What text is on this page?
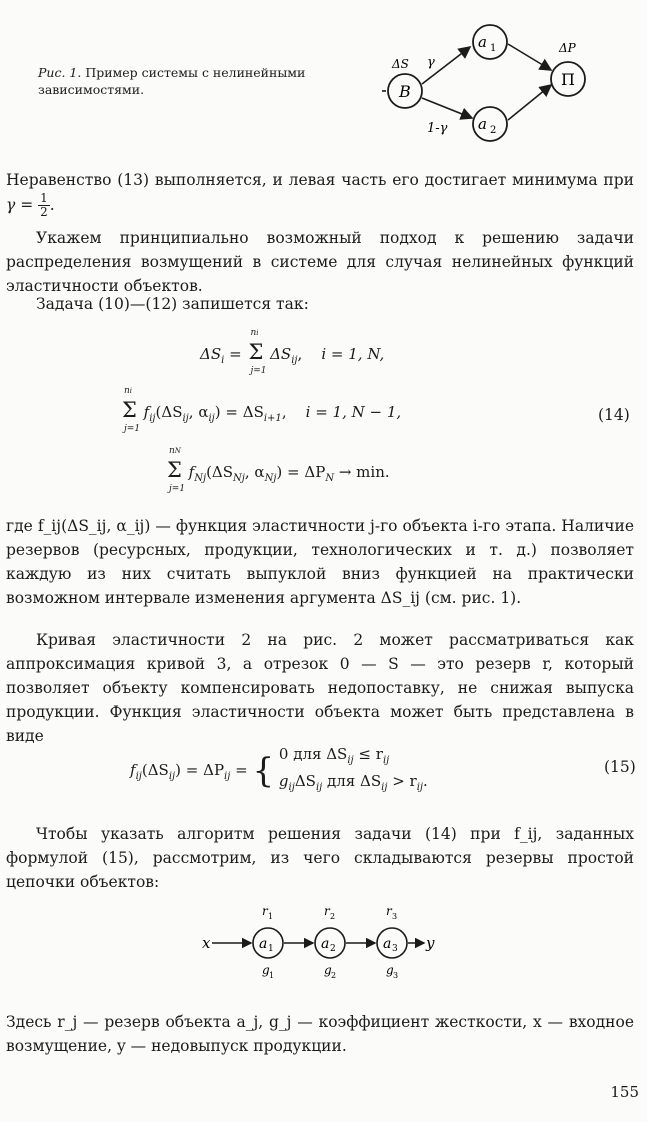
Рис. 1. Пример системы с нелинейными зависимостями.	B
a 1
a 2
П
ΔS γ
1-γ
ΔP
Неравенство (13) выполняется, и левая часть его достигает минимума при $\gamma = \frac{1}{2}$ .
Укажем принципиально возможный подход к решению задачи распределения возмущений в системе для случая нелинейных функций эластичности объектов.
Задача (10)—(12) запишется так:
$\Delta S_i = \Sigma$
ni
j=1
$\Delta S_{ij}$,    i = 1, N,
Σ
ni
j=1
$f_{ij}(\Delta S_{ij}$, $\alpha_{ij}) = \Delta S_{i+1}$,    i = 1, N − 1,	(14)
Σ
nN
j=1
$f_{Nj}(\Delta S_{Nj}$, $\alpha_{Nj}) = \Delta P_N \to \min$.
где f_ij(ΔS_ij, α_ij) — функция эластичности j-го объекта i-го этапа. Наличие резервов (ресурсных, продукции, технологических и т. д.) позволяет каждую из них считать выпуклой вниз функцией на практически возможном интервале изменения аргумента ΔS_ij (см. рис. 1).
Кривая эластичности 2 на рис. 2 может рассматриваться как аппроксимация кривой 3, а отрезок 0 — S — это резерв r, который позволяет объекту компенсировать недопоставку, не снижая выпуска продукции. Функция эластичности объекта может быть представлена в виде
$f_{ij}(\Delta S_{ij}) = \Delta P_{ij}$ = { 0 для $\Delta S_{ij} \le r_{ij}$
$g_{ij}\Delta S_{ij}$ для $\Delta S_{ij} > r_{ij}$.
(15)
Чтобы указать алгоритм решения задачи (14) при f_ij, заданных формулой (15), рассмотрим, из чего складываются резервы простой цепочки объектов:
x	y
a 1	a 2	a 3
r 1	r 2	r 3
g 1	g 2	g 3
Здесь r_j — резерв объекта a_j, g_j — коэффициент жесткости, x — входное возмущение, y — недовыпуск продукции.
155
